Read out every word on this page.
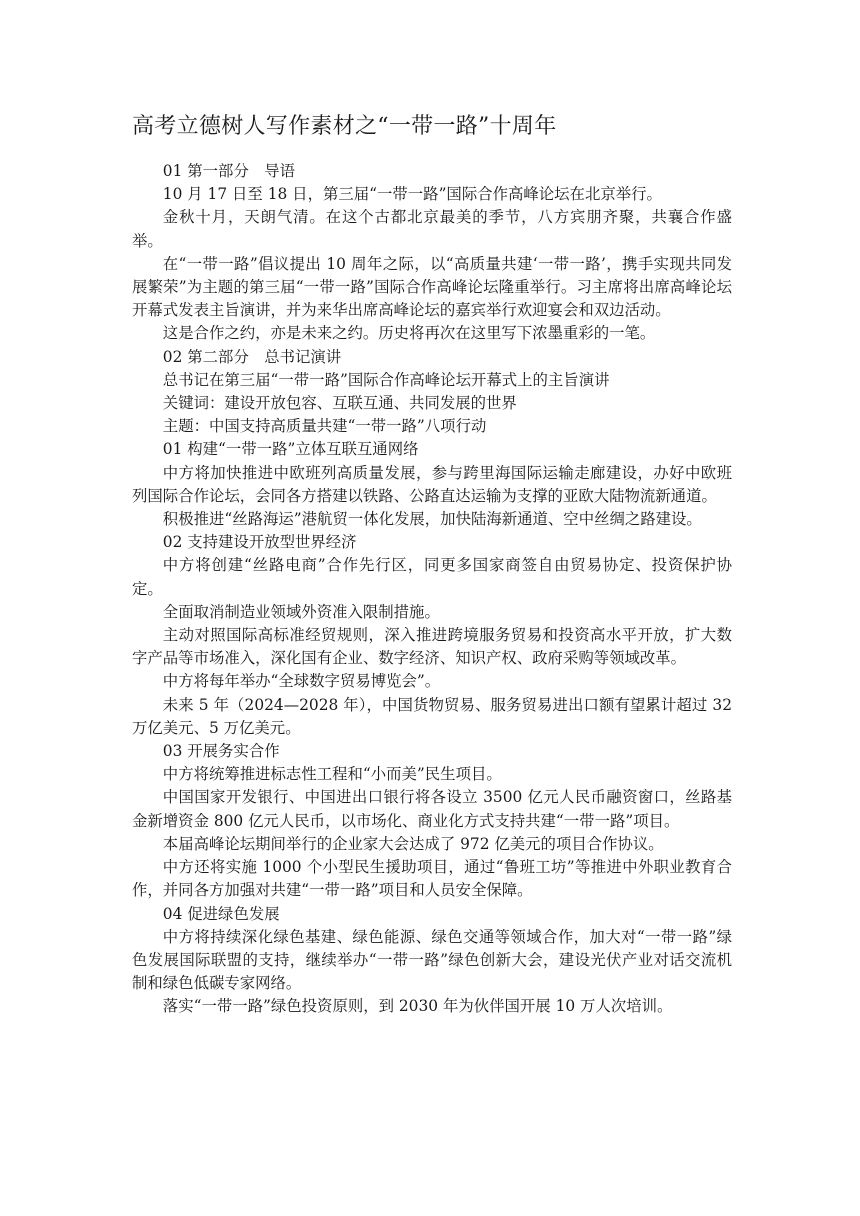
高考立德树人写作素材之“一带一路”十周年

01 第一部分　导语

10 月 17 日至 18 日，第三届“一带一路”国际合作高峰论坛在北京举行。

金秋十月，天朗气清。在这个古都北京最美的季节，八方宾朋齐聚，共襄合作盛举。

在“一带一路”倡议提出 10 周年之际，以“高质量共建‘一带一路’，携手实现共同发展繁荣”为主题的第三届“一带一路”国际合作高峰论坛隆重举行。习主席将出席高峰论坛开幕式发表主旨演讲，并为来华出席高峰论坛的嘉宾举行欢迎宴会和双边活动。

这是合作之约，亦是未来之约。历史将再次在这里写下浓墨重彩的一笔。

02 第二部分　总书记演讲

总书记在第三届“一带一路”国际合作高峰论坛开幕式上的主旨演讲

关键词：建设开放包容、互联互通、共同发展的世界

主题：中国支持高质量共建“一带一路”八项行动

01 构建“一带一路”立体互联互通网络

中方将加快推进中欧班列高质量发展，参与跨里海国际运输走廊建设，办好中欧班列国际合作论坛，会同各方搭建以铁路、公路直达运输为支撑的亚欧大陆物流新通道。

积极推进“丝路海运”港航贸一体化发展，加快陆海新通道、空中丝绸之路建设。

02 支持建设开放型世界经济

中方将创建“丝路电商”合作先行区，同更多国家商签自由贸易协定、投资保护协定。

全面取消制造业领域外资准入限制措施。

主动对照国际高标准经贸规则，深入推进跨境服务贸易和投资高水平开放，扩大数字产品等市场准入，深化国有企业、数字经济、知识产权、政府采购等领域改革。

中方将每年举办“全球数字贸易博览会”。

未来 5 年（2024—2028 年），中国货物贸易、服务贸易进出口额有望累计超过 32 万亿美元、5 万亿美元。

03 开展务实合作

中方将统筹推进标志性工程和“小而美”民生项目。

中国国家开发银行、中国进出口银行将各设立 3500 亿元人民币融资窗口，丝路基金新增资金 800 亿元人民币，以市场化、商业化方式支持共建“一带一路”项目。

本届高峰论坛期间举行的企业家大会达成了 972 亿美元的项目合作协议。

中方还将实施 1000 个小型民生援助项目，通过“鲁班工坊”等推进中外职业教育合作，并同各方加强对共建“一带一路”项目和人员安全保障。

04 促进绿色发展

中方将持续深化绿色基建、绿色能源、绿色交通等领域合作，加大对“一带一路”绿色发展国际联盟的支持，继续举办“一带一路”绿色创新大会，建设光伏产业对话交流机制和绿色低碳专家网络。

落实“一带一路”绿色投资原则，到 2030 年为伙伴国开展 10 万人次培训。
